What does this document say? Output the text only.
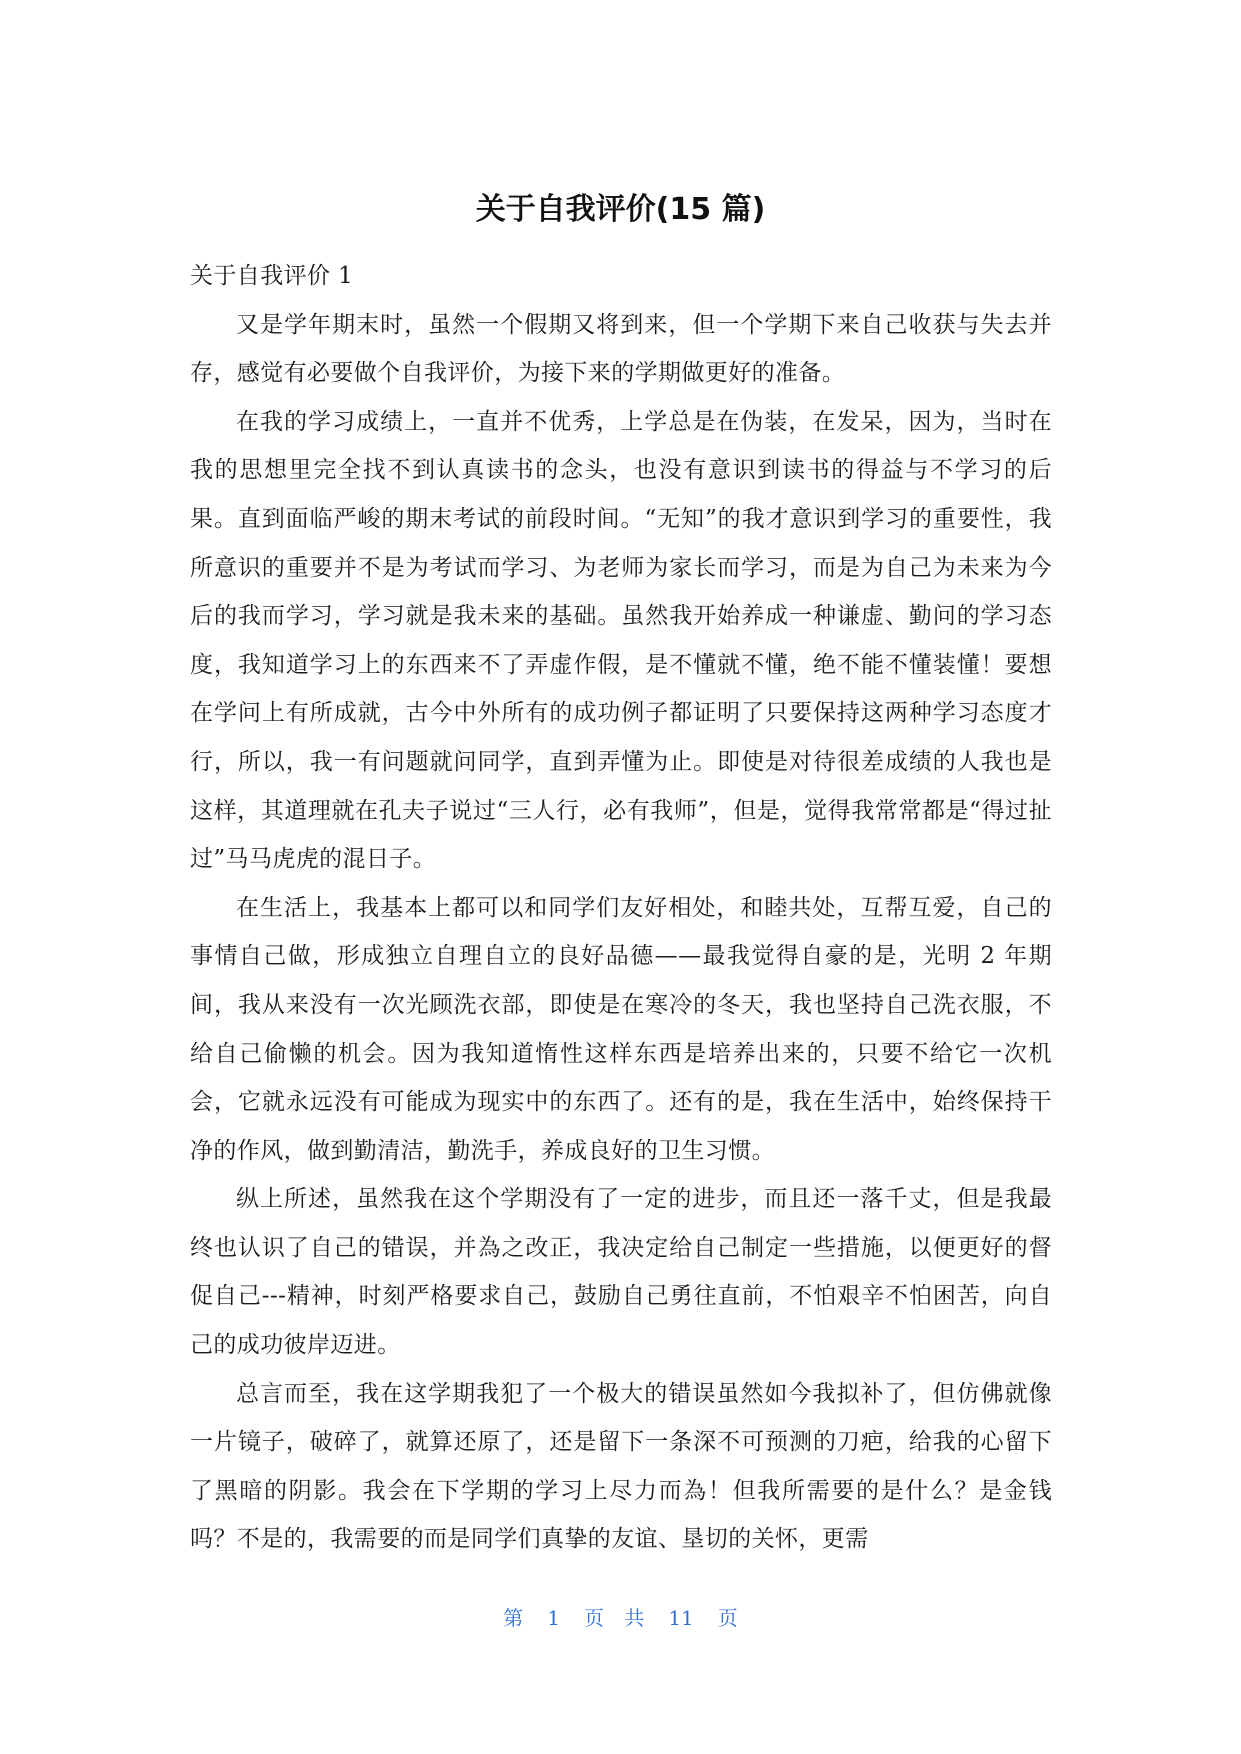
关于自我评价(15 篇)

关于自我评价 1

又是学年期末时，虽然一个假期又将到来，但一个学期下来自己收获与失去并存，感觉有必要做个自我评价，为接下来的学期做更好的准备。

在我的学习成绩上，一直并不优秀，上学总是在伪装，在发呆，因为，当时在我的思想里完全找不到认真读书的念头，也没有意识到读书的得益与不学习的后果。直到面临严峻的期末考试的前段时间。“无知”的我才意识到学习的重要性，我所意识的重要并不是为考试而学习、为老师为家长而学习，而是为自己为未来为今后的我而学习，学习就是我未来的基础。虽然我开始养成一种谦虚、勤问的学习态度，我知道学习上的东西来不了弄虚作假，是不懂就不懂，绝不能不懂装懂！要想在学问上有所成就，古今中外所有的成功例子都证明了只要保持这两种学习态度才行，所以，我一有问题就问同学，直到弄懂为止。即使是对待很差成绩的人我也是这样，其道理就在孔夫子说过“三人行，必有我师”，但是，觉得我常常都是“得过扯过”马马虎虎的混日子。

在生活上，我基本上都可以和同学们友好相处，和睦共处，互帮互爱，自己的事情自己做，形成独立自理自立的良好品德——最我觉得自豪的是，光明 2 年期间，我从来没有一次光顾洗衣部，即使是在寒冷的冬天，我也坚持自己洗衣服，不给自己偷懒的机会。因为我知道惰性这样东西是培养出来的，只要不给它一次机会，它就永远没有可能成为现实中的东西了。还有的是，我在生活中，始终保持干净的作风，做到勤清洁，勤洗手，养成良好的卫生习惯。

纵上所述，虽然我在这个学期没有了一定的进步，而且还一落千丈，但是我最终也认识了自己的错误，并為之改正，我决定给自己制定一些措施，以便更好的督促自己---精神，时刻严格要求自己，鼓励自己勇往直前，不怕艰辛不怕困苦，向自己的成功彼岸迈进。

总言而至，我在这学期我犯了一个极大的错误虽然如今我拟补了，但仿佛就像一片镜子，破碎了，就算还原了，还是留下一条深不可预测的刀疤，给我的心留下了黑暗的阴影。我会在下学期的学习上尽力而為！但我所需要的是什么？是金钱吗？不是的，我需要的而是同学们真挚的友谊、垦切的关怀，更需

第 1 页 共 11 页
